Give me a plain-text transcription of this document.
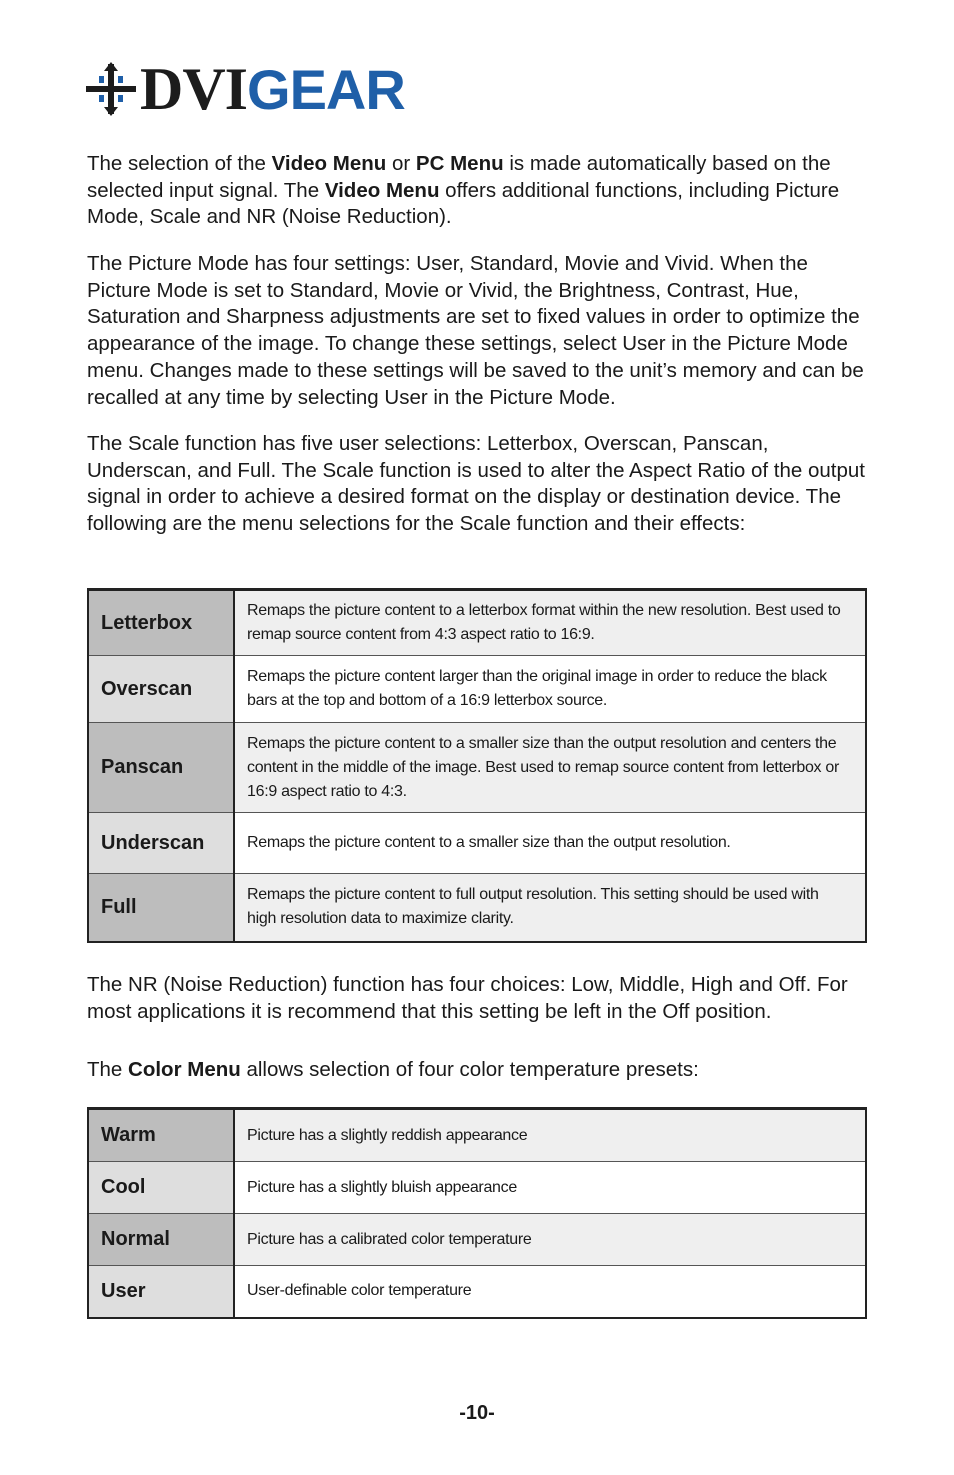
DVI GEAR

The selection of the Video Menu or PC Menu is made automatically based on the selected input signal. The Video Menu offers additional functions, including Picture Mode, Scale and NR (Noise Reduction).

The Picture Mode has four settings: User, Standard, Movie and Vivid. When the Picture Mode is set to Standard, Movie or Vivid, the Brightness, Contrast, Hue, Saturation and Sharpness adjustments are set to fixed values in order to optimize the appearance of the image. To change these settings, select User in the Picture Mode menu. Changes made to these settings will be saved to the unit’s memory and can be recalled at any time by selecting User in the Picture Mode.

The Scale function has five user selections: Letterbox, Overscan, Panscan, Underscan, and Full. The Scale function is used to alter the Aspect Ratio of the output signal in order to achieve a desired format on the display or destination device. The following are the menu selections for the Scale function and their effects:

Letterbox	Remaps the picture content to a letterbox format within the new resolution. Best used to remap source content from 4:3 aspect ratio to 16:9.
Overscan	Remaps the picture content larger than the original image in order to reduce the black bars at the top and bottom of a 16:9 letterbox source.
Panscan	Remaps the picture content to a smaller size than the output resolution and centers the content in the middle of the image. Best used to remap source content from letterbox or 16:9 aspect ratio to 4:3.
Underscan	Remaps the picture content to a smaller size than the output resolution.
Full	Remaps the picture content to full output resolution. This setting should be used with high resolution data to maximize clarity.

The NR (Noise Reduction) function has four choices: Low, Middle, High and Off. For most applications it is recommend that this setting be left in the Off position.

The Color Menu allows selection of four color temperature presets:

Warm	Picture has a slightly reddish appearance
Cool	Picture has a slightly bluish appearance
Normal	Picture has a calibrated color temperature
User	User-definable color temperature
-10-
